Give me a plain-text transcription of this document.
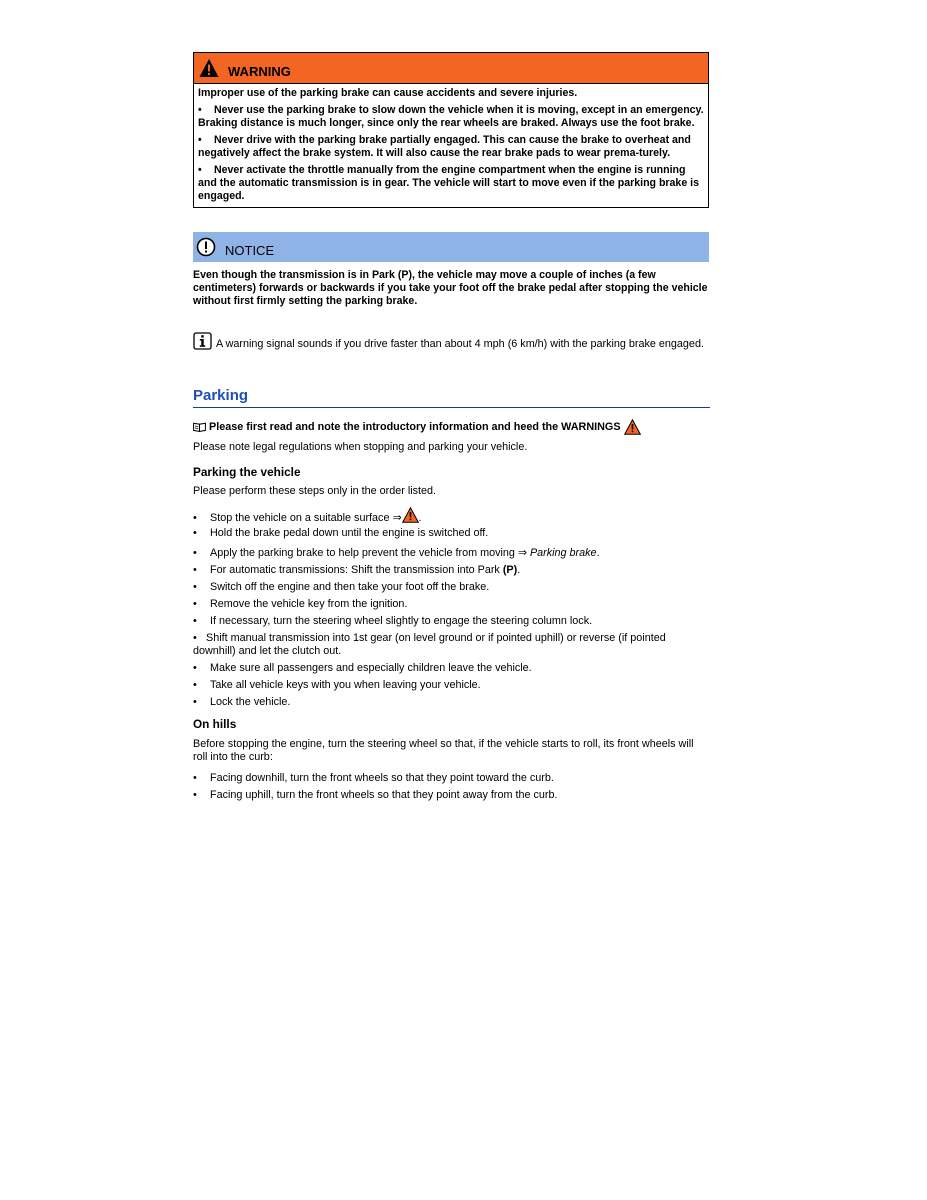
WARNING

Improper use of the parking brake can cause accidents and severe injuries.

• Never use the parking brake to slow down the vehicle when it is moving, except in an emergency. Braking distance is much longer, since only the rear wheels are braked. Always use the foot brake.

• Never drive with the parking brake partially engaged. This can cause the brake to overheat and negatively affect the brake system. It will also cause the rear brake pads to wear prema-turely.

• Never activate the throttle manually from the engine compartment when the engine is running and the automatic transmission is in gear. The vehicle will start to move even if the parking brake is engaged.

NOTICE
Even though the transmission is in Park (P), the vehicle may move a couple of inches (a few centimeters) forwards or backwards if you take your foot off the brake pedal after stopping the vehicle without first firmly setting the parking brake.
A warning signal sounds if you drive faster than about 4 mph (6 km/h) with the parking brake engaged.
Parking
Please first read and note the introductory information and heed the WARNINGS
Please note legal regulations when stopping and parking your vehicle.
Parking the vehicle
Please perform these steps only in the order listed.
• Stop the vehicle on a suitable surface ⇒ .
• Hold the brake pedal down until the engine is switched off.
• Apply the parking brake to help prevent the vehicle from moving ⇒ Parking brake.
• For automatic transmissions: Shift the transmission into Park (P).
• Switch off the engine and then take your foot off the brake.
• Remove the vehicle key from the ignition.
• If necessary, turn the steering wheel slightly to engage the steering column lock.
• Shift manual transmission into 1st gear (on level ground or if pointed uphill) or reverse (if pointed downhill) and let the clutch out.
• Make sure all passengers and especially children leave the vehicle.
• Take all vehicle keys with you when leaving your vehicle.
• Lock the vehicle.
On hills
Before stopping the engine, turn the steering wheel so that, if the vehicle starts to roll, its front wheels will roll into the curb:
• Facing downhill, turn the front wheels so that they point toward the curb.
• Facing uphill, turn the front wheels so that they point away from the curb.
